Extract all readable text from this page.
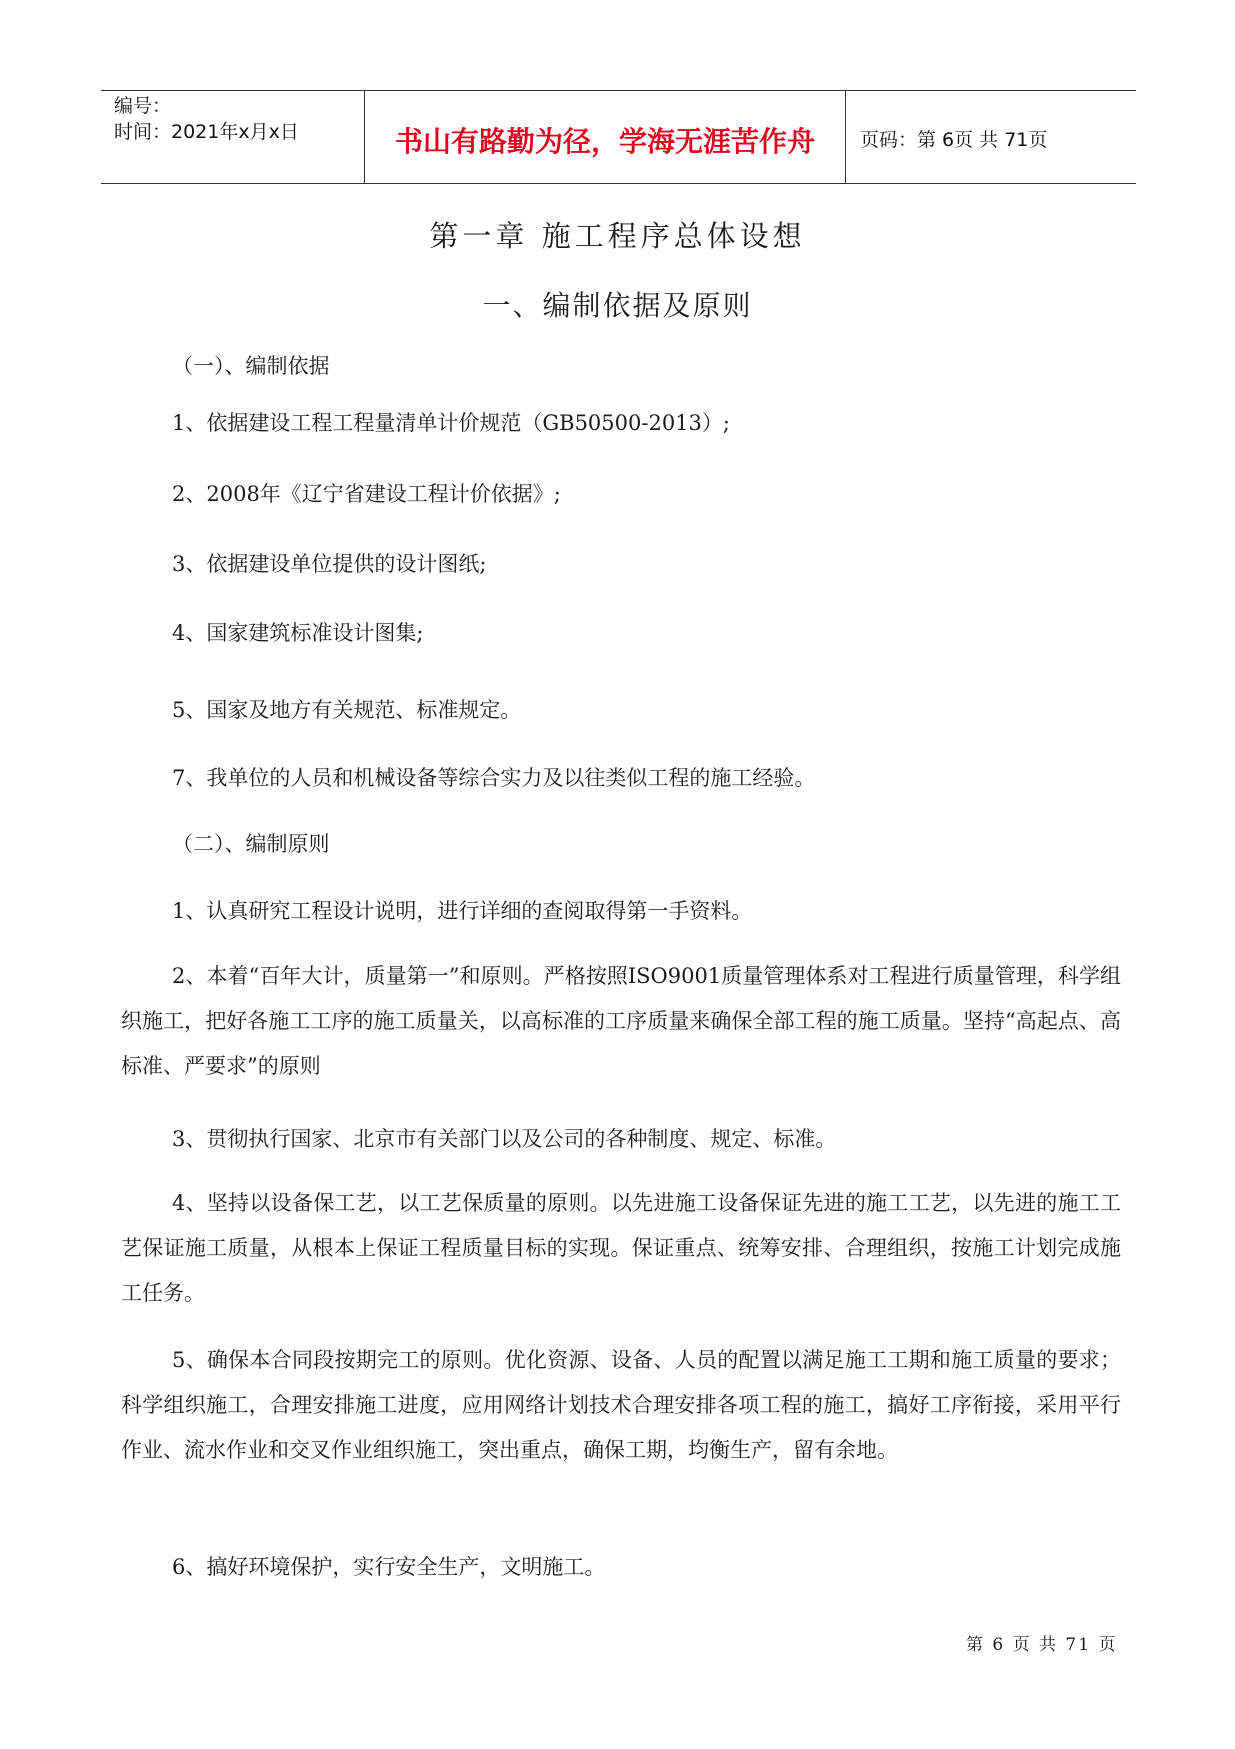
编号：
时间：2021年x月x日	书山有路勤为径，学海无涯苦作舟	页码：第 6页 共 71页
第一章 施工程序总体设想
一、编制依据及原则
（一）、编制依据
1、依据建设工程工程量清单计价规范（GB50500-2013）;
2、2008年《辽宁省建设工程计价依据》;
3、依据建设单位提供的设计图纸;
4、国家建筑标准设计图集;
5、国家及地方有关规范、标准规定。
7、我单位的人员和机械设备等综合实力及以往类似工程的施工经验。
（二）、编制原则
1、认真研究工程设计说明，进行详细的查阅取得第一手资料。
2、本着“百年大计，质量第一”和原则。严格按照ISO9001质量管理体系对工程进行质量管理，科学组织施工，把好各施工工序的施工质量关，以高标准的工序质量来确保全部工程的施工质量。坚持“高起点、高标准、严要求”的原则
3、贯彻执行国家、北京市有关部门以及公司的各种制度、规定、标准。
4、坚持以设备保工艺，以工艺保质量的原则。以先进施工设备保证先进的施工工艺，以先进的施工工艺保证施工质量，从根本上保证工程质量目标的实现。保证重点、统筹安排、合理组织，按施工计划完成施工任务。
5、确保本合同段按期完工的原则。优化资源、设备、人员的配置以满足施工工期和施工质量的要求；科学组织施工，合理安排施工进度，应用网络计划技术合理安排各项工程的施工，搞好工序衔接，采用平行作业、流水作业和交叉作业组织施工，突出重点，确保工期，均衡生产，留有余地。
6、搞好环境保护，实行安全生产，文明施工。
第 6 页 共 71 页
